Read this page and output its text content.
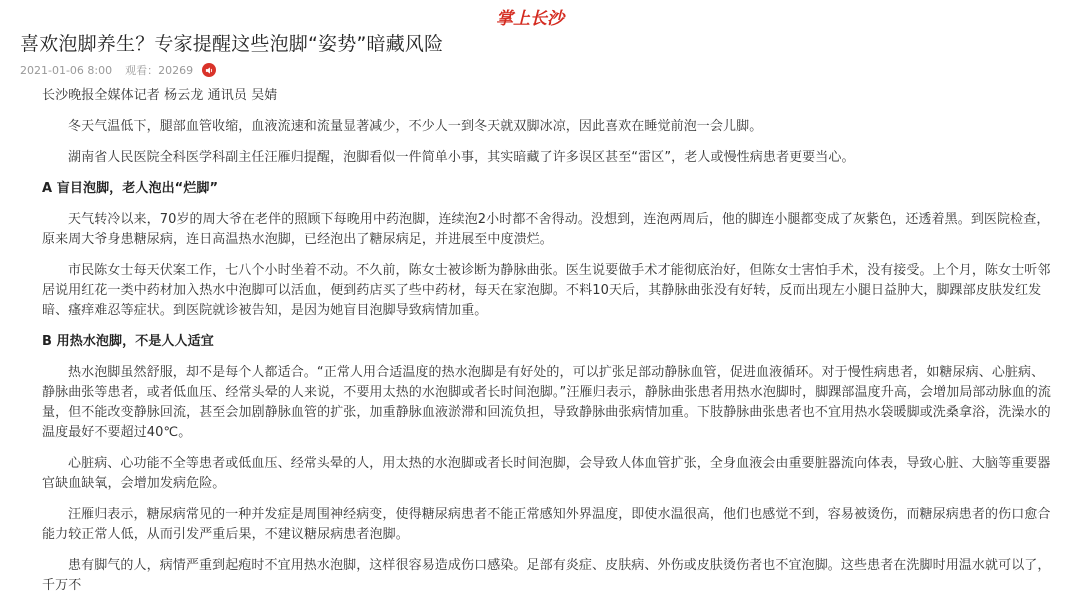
掌上长沙
喜欢泡脚养生？专家提醒这些泡脚“姿势”暗藏风险
2021-01-06 8:00 观看：20269

长沙晚报全媒体记者 杨云龙 通讯员 吴婧

冬天气温低下，腿部血管收缩，血液流速和流量显著减少，不少人一到冬天就双脚冰凉，因此喜欢在睡觉前泡一会儿脚。

湖南省人民医院全科医学科副主任汪雁归提醒，泡脚看似一件简单小事，其实暗藏了许多误区甚至“雷区”，老人或慢性病患者更要当心。

A 盲目泡脚，老人泡出“烂脚”

天气转冷以来，70岁的周大爷在老伴的照顾下每晚用中药泡脚，连续泡2小时都不舍得动。没想到，连泡两周后，他的脚连小腿都变成了灰紫色，还透着黑。到医院检查，原来周大爷身患糖尿病，连日高温热水泡脚，已经泡出了糖尿病足，并进展至中度溃烂。

市民陈女士每天伏案工作，七八个小时坐着不动。不久前，陈女士被诊断为静脉曲张。医生说要做手术才能彻底治好，但陈女士害怕手术，没有接受。上个月，陈女士听邻居说用红花一类中药材加入热水中泡脚可以活血，便到药店买了些中药材，每天在家泡脚。不料10天后，其静脉曲张没有好转，反而出现左小腿日益肿大，脚踝部皮肤发红发暗、瘙痒难忍等症状。到医院就诊被告知，是因为她盲目泡脚导致病情加重。

B 用热水泡脚，不是人人适宜

热水泡脚虽然舒服，却不是每个人都适合。“正常人用合适温度的热水泡脚是有好处的，可以扩张足部动静脉血管，促进血液循环。对于慢性病患者，如糖尿病、心脏病、静脉曲张等患者，或者低血压、经常头晕的人来说，不要用太热的水泡脚或者长时间泡脚。”汪雁归表示，静脉曲张患者用热水泡脚时，脚踝部温度升高，会增加局部动脉血的流量，但不能改变静脉回流，甚至会加剧静脉血管的扩张，加重静脉血液淤滞和回流负担，导致静脉曲张病情加重。下肢静脉曲张患者也不宜用热水袋暖脚或洗桑拿浴，洗澡水的温度最好不要超过40℃。

心脏病、心功能不全等患者或低血压、经常头晕的人，用太热的水泡脚或者长时间泡脚，会导致人体血管扩张，全身血液会由重要脏器流向体表，导致心脏、大脑等重要器官缺血缺氧，会增加发病危险。

汪雁归表示，糖尿病常见的一种并发症是周围神经病变，使得糖尿病患者不能正常感知外界温度，即使水温很高，他们也感觉不到，容易被烫伤，而糖尿病患者的伤口愈合能力较正常人低，从而引发严重后果，不建议糖尿病患者泡脚。

患有脚气的人，病情严重到起疱时不宜用热水泡脚，这样很容易造成伤口感染。足部有炎症、皮肤病、外伤或皮肤烫伤者也不宜泡脚。这些患者在洗脚时用温水就可以了，千万不
